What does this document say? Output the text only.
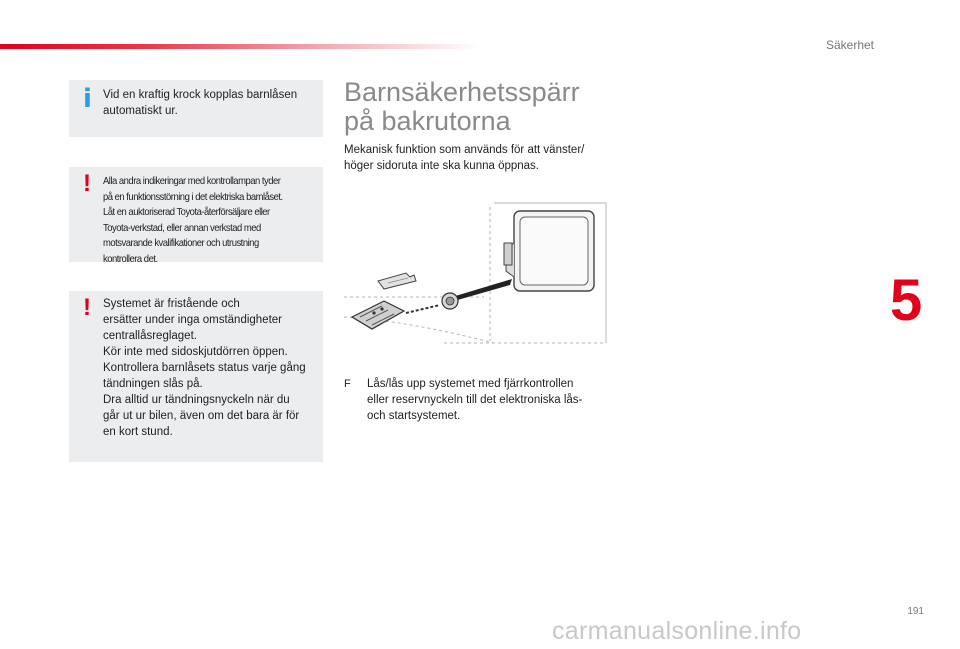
Säkerhet
5
i Vid en kraftig krock kopplas barnlåsen
automatiskt ur.
! Alla andra indikeringar med kontrollampan tyder
på en funktionsstörning i det elektriska barnlåset.
Låt en auktoriserad Toyota-återförsäljare eller
Toyota-verkstad, eller annan verkstad med
motsvarande kvalifikationer och utrustning
kontrollera det.
! Systemet är fristående och
ersätter under inga omständigheter
centrallåsreglaget.
Kör inte med sidoskjutdörren öppen.
Kontrollera barnlåsets status varje gång
tändningen slås på.
Dra alltid ur tändningsnyckeln när du
går ut ur bilen, även om det bara är för
en kort stund.
Barnsäkerhetsspärr
på bakrutorna
Mekanisk funktion som används för att vänster/
höger sidoruta inte ska kunna öppnas.
F Lås/lås upp systemet med fjärrkontrollen
eller reservnyckeln till det elektroniska lås-
och startsystemet.
191
carmanualsonline.info
